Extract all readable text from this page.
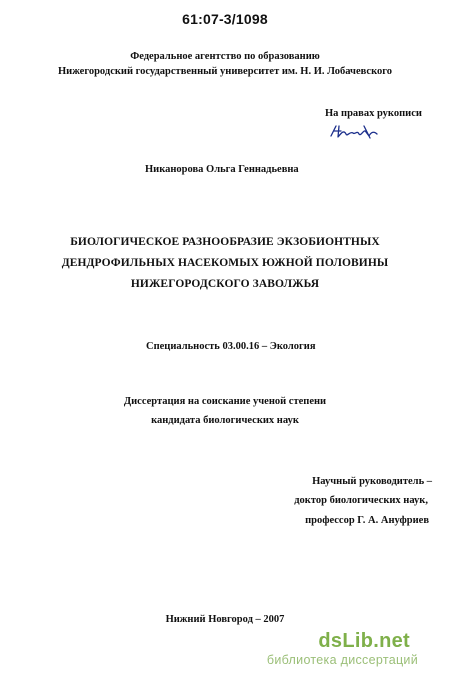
61:07-3/1098
Федеральное агентство по образованию
Нижегородский государственный университет им. Н. И. Лобачевского
На правах рукописи
Никанорова Ольга Геннадьевна
БИОЛОГИЧЕСКОЕ РАЗНООБРАЗИЕ ЭКЗОБИОНТНЫХ
ДЕНДРОФИЛЬНЫХ НАСЕКОМЫХ ЮЖНОЙ ПОЛОВИНЫ
НИЖЕГОРОДСКОГО ЗАВОЛЖЬЯ
Специальность 03.00.16 – Экология
Диссертация на соискание ученой степени
кандидата биологических наук
Научный руководитель –
доктор биологических наук,
профессор Г. А. Ануфриев
Нижний Новгород – 2007
dsLib.net
библиотека диссертаций
